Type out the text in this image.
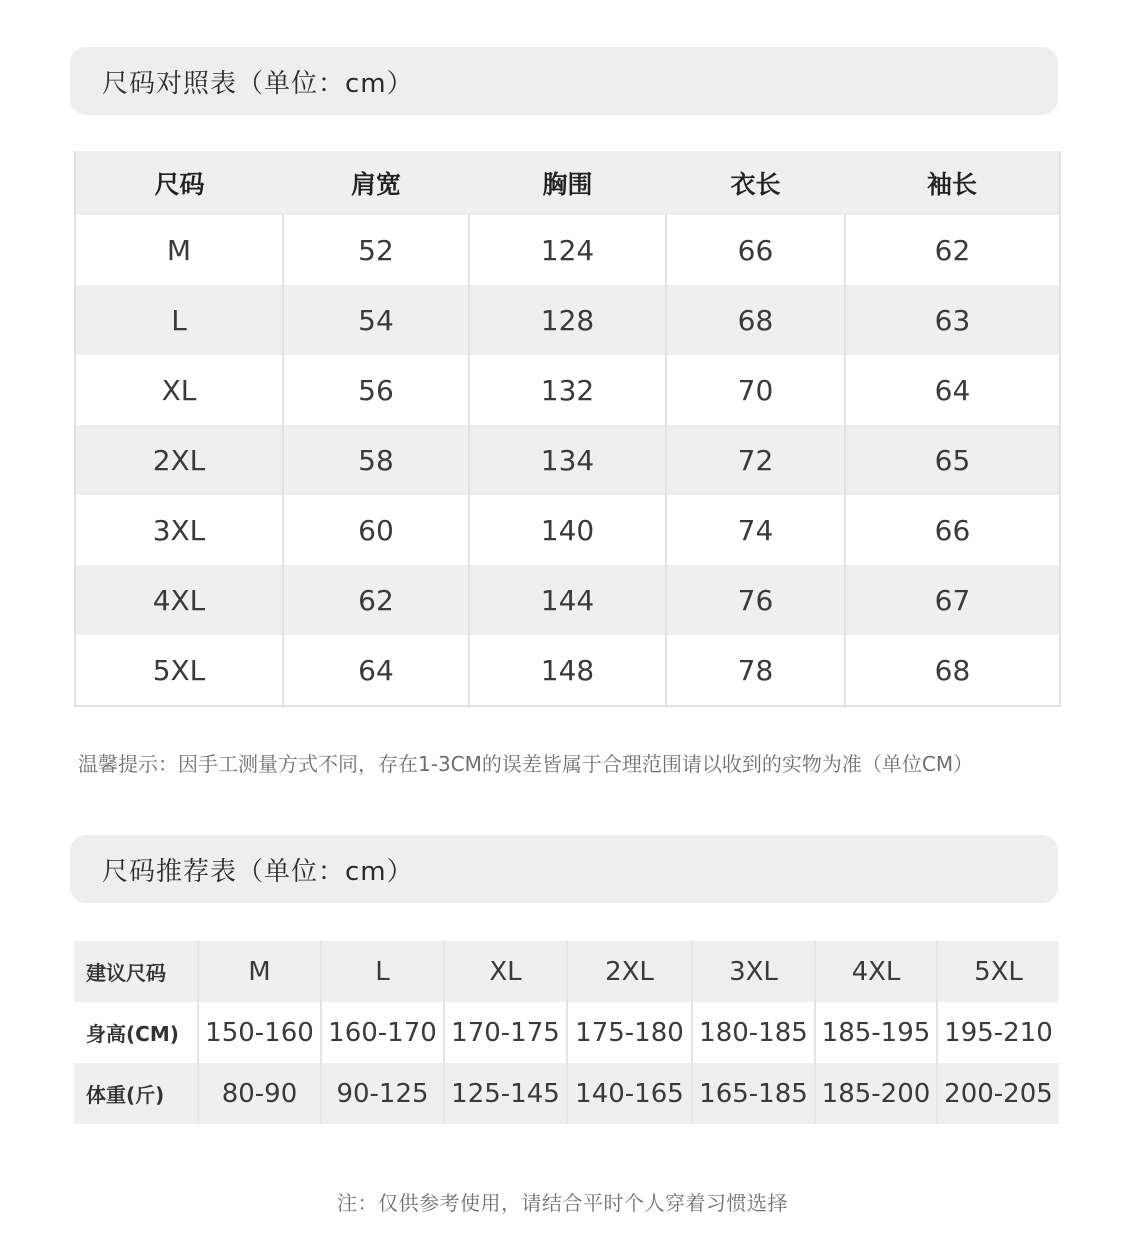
尺码对照表（单位：cm）
尺码	肩宽	胸围	衣长	袖长
M	52	124	66	62
L	54	128	68	63
XL	56	132	70	64
2XL	58	134	72	65
3XL	60	140	74	66
4XL	62	144	76	67
5XL	64	148	78	68
温馨提示：因手工测量方式不同，存在1-3CM的误差皆属于合理范围请以收到的实物为准（单位CM）
尺码推荐表（单位：cm）
建议尺码	M	L	XL	2XL	3XL	4XL	5XL
身高(CM)	150-160	160-170	170-175	175-180	180-185	185-195	195-210
体重(斤)	80-90	90-125	125-145	140-165	165-185	185-200	200-205
注：仅供参考使用，请结合平时个人穿着习惯选择
